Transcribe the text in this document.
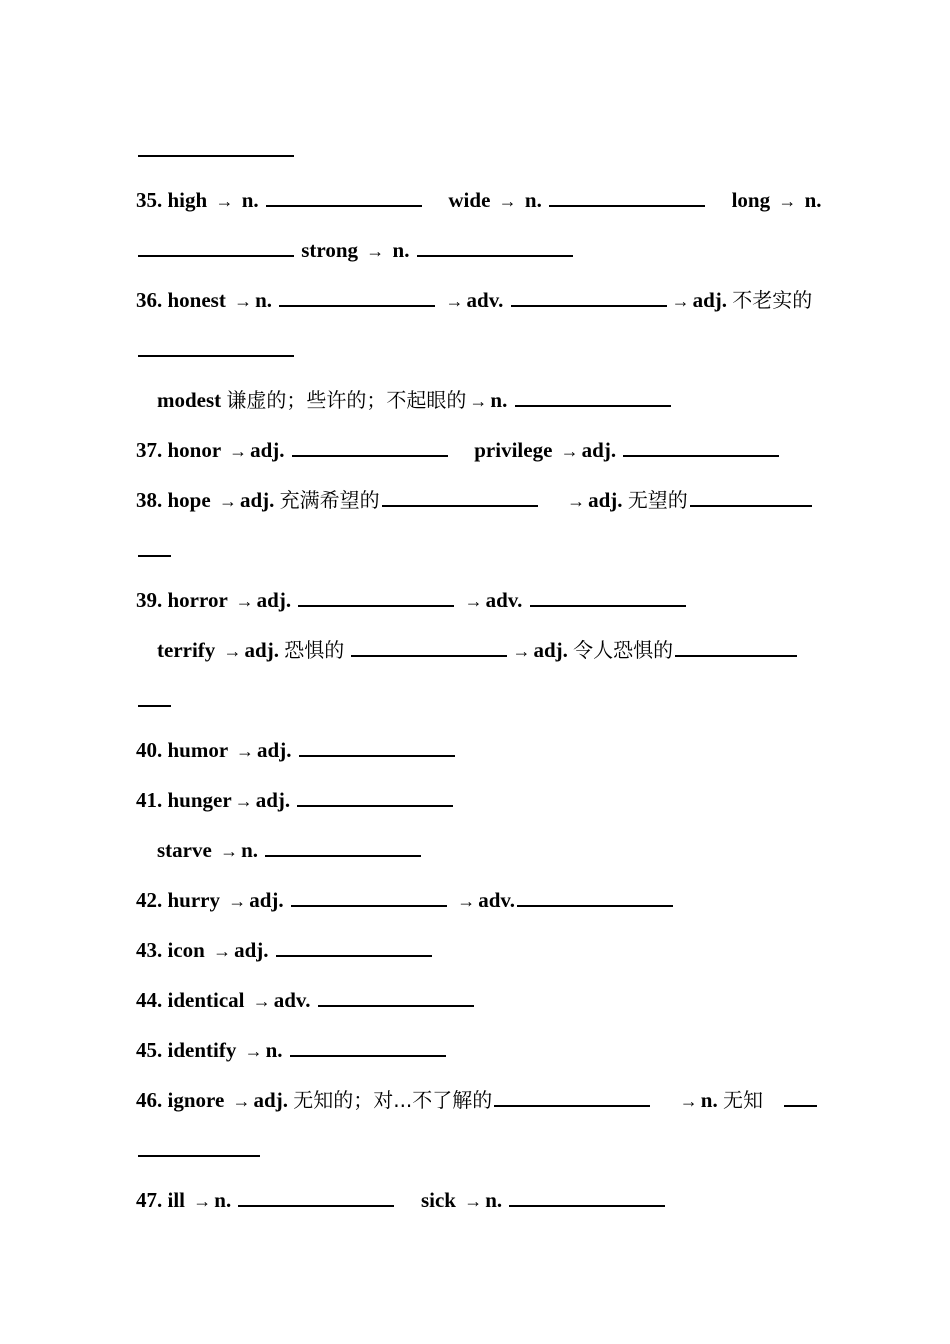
35. high → n.	wide → n.	long → n.
strong → n.
36. honest → n.	→ adv.	→ adj. 不老实的
modest 谦虚的；些许的；不起眼的 → n.
37. honor → adj.	privilege → adj.
38. hope → adj. 充满希望的	→ adj. 无望的
39. horror → adj.	→ adv.
terrify → adj. 恐惧的	→ adj. 令人恐惧的
40. humor → adj.
41. hunger → adj.
starve → n.
42. hurry → adj.	→ adv.
43. icon → adj.
44. identical → adv.
45. identify → n.
46. ignore → adj. 无知的；对...不了解的	→ n. 无知
47. ill → n.	sick → n.
